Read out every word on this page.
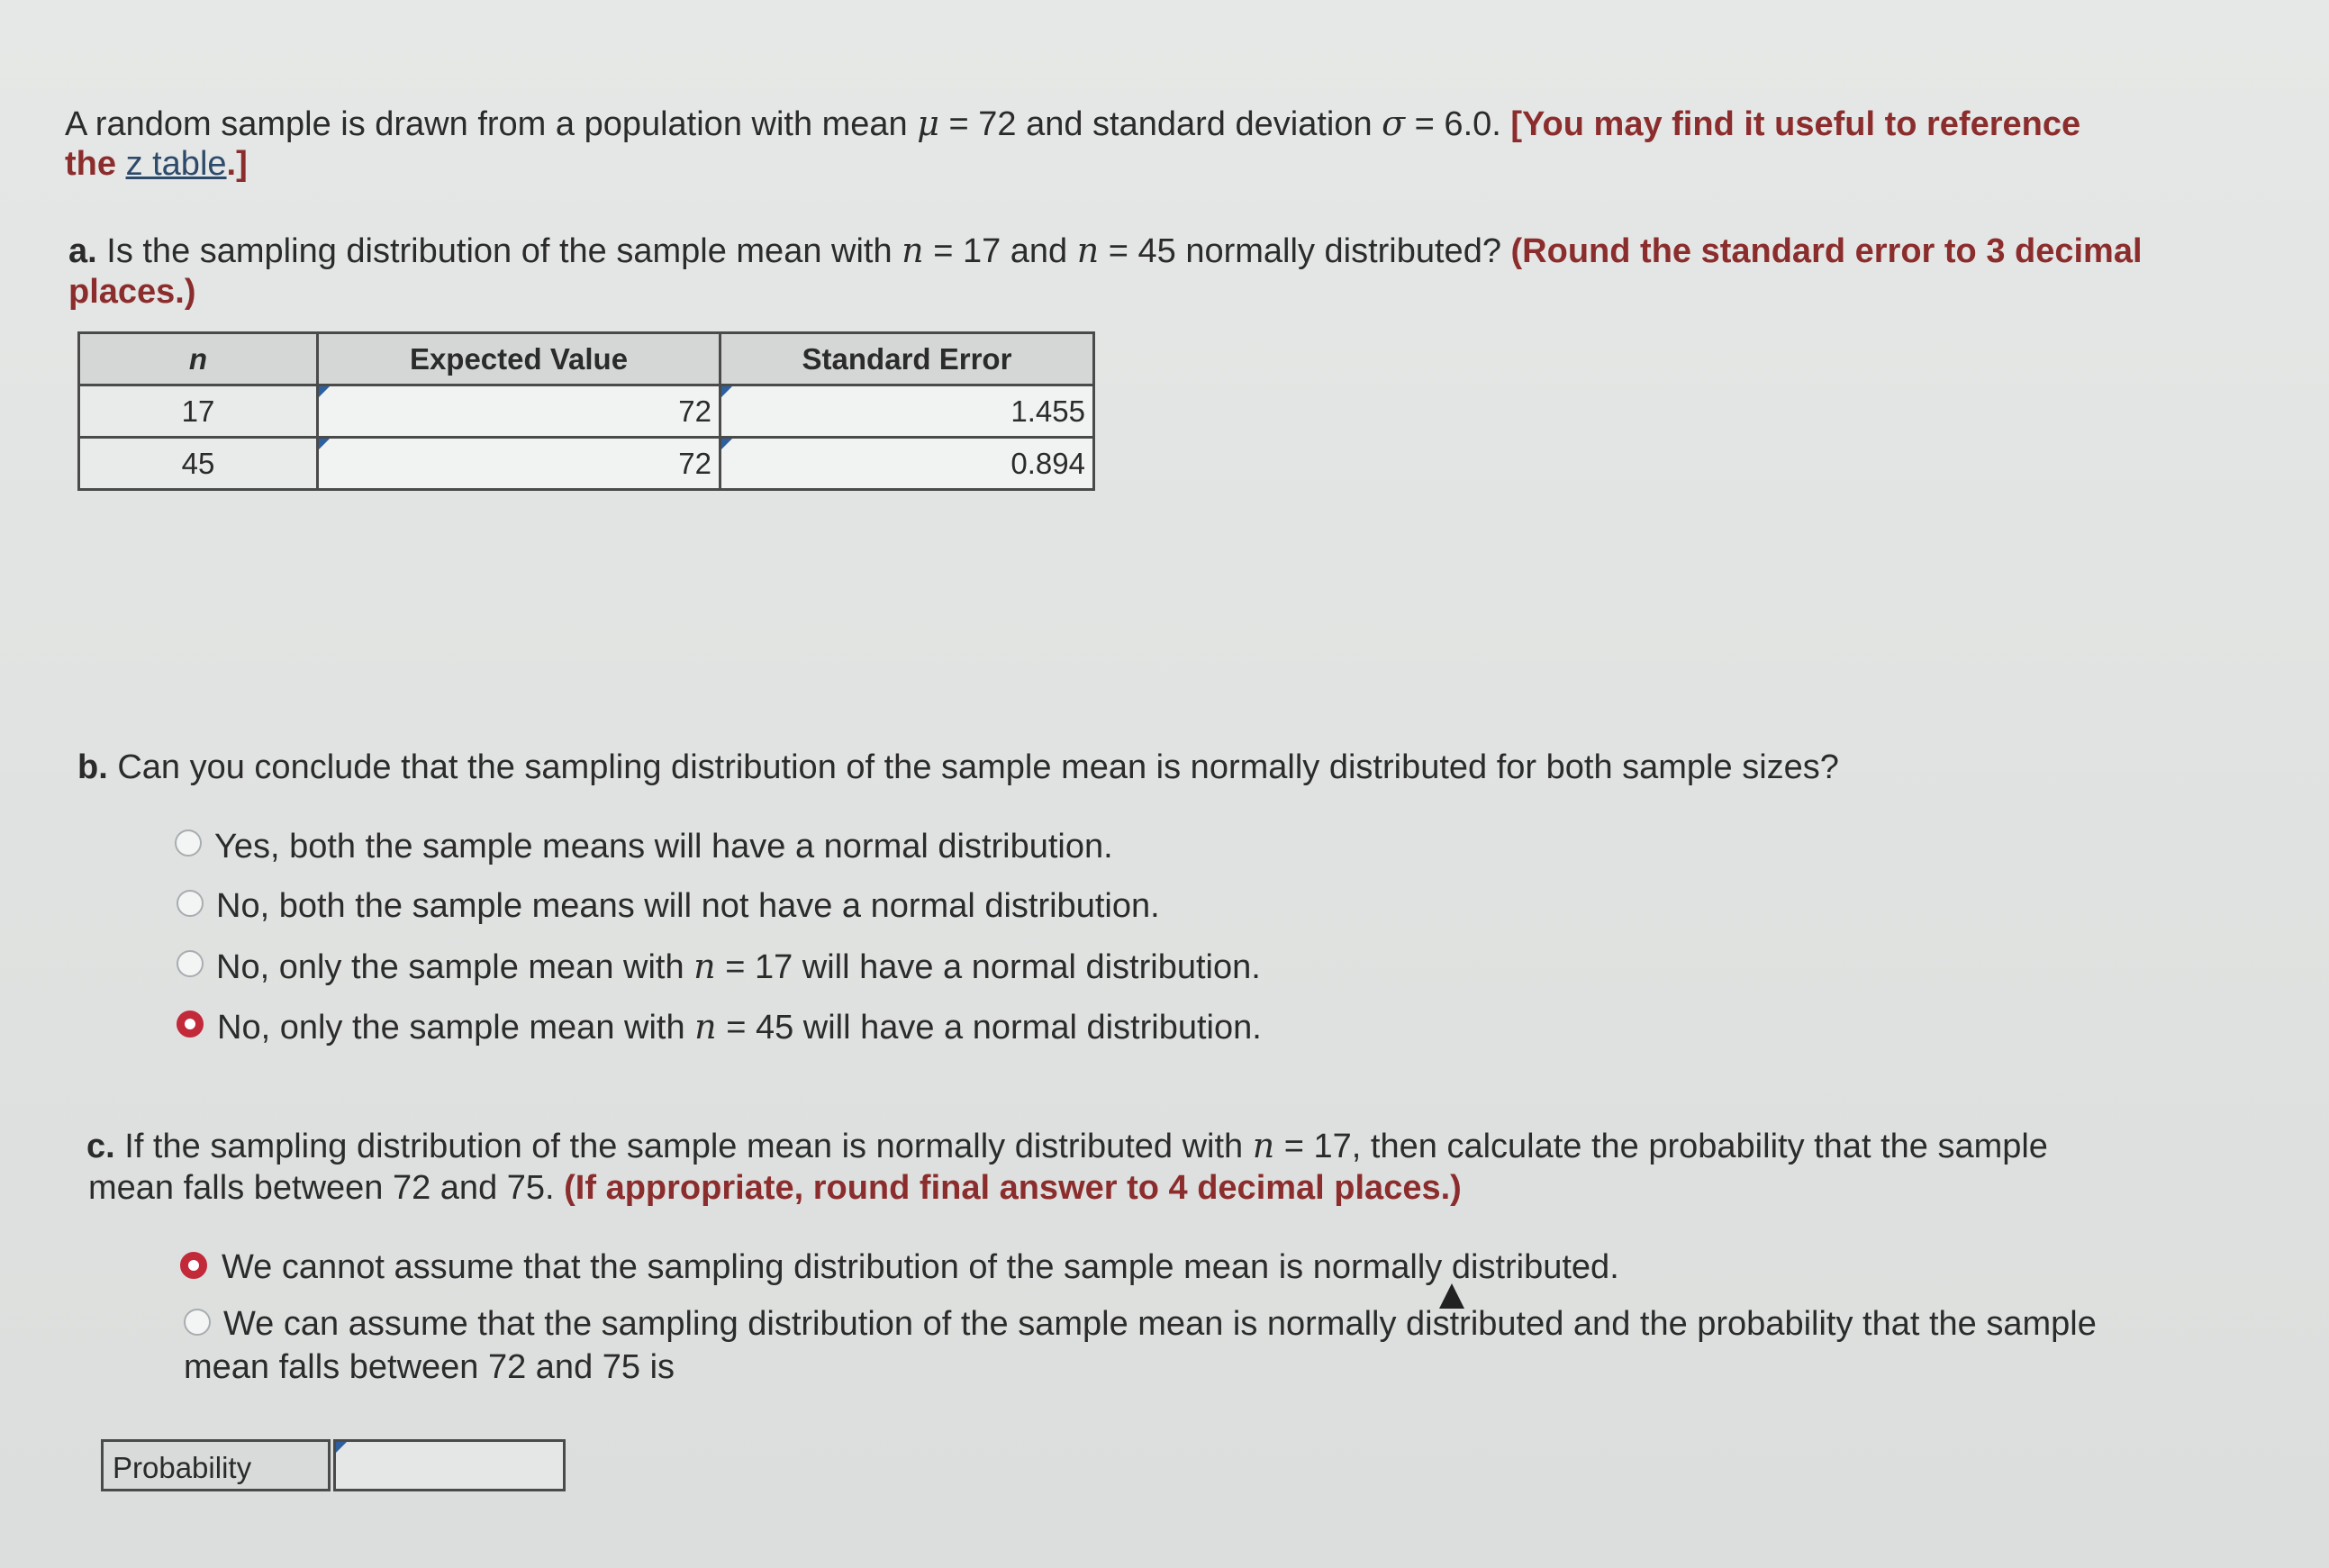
A random sample is drawn from a population with mean μ = 72 and standard deviation σ = 6.0. [You may find it useful to reference
the z table.]
a. Is the sampling distribution of the sample mean with n = 17 and n = 45 normally distributed? (Round the standard error to 3 decimal
places.)
n	Expected Value	Standard Error
17	72	1.455
45	72	0.894
b. Can you conclude that the sampling distribution of the sample mean is normally distributed for both sample sizes?
Yes, both the sample means will have a normal distribution.
No, both the sample means will not have a normal distribution.
No, only the sample mean with n = 17 will have a normal distribution.
No, only the sample mean with n = 45 will have a normal distribution.
c. If the sampling distribution of the sample mean is normally distributed with n = 17, then calculate the probability that the sample
mean falls between 72 and 75. (If appropriate, round final answer to 4 decimal places.)
We cannot assume that the sampling distribution of the sample mean is normally distributed.
We can assume that the sampling distribution of the sample mean is normally distributed and the probability that the sample
mean falls between 72 and 75 is
Probability
